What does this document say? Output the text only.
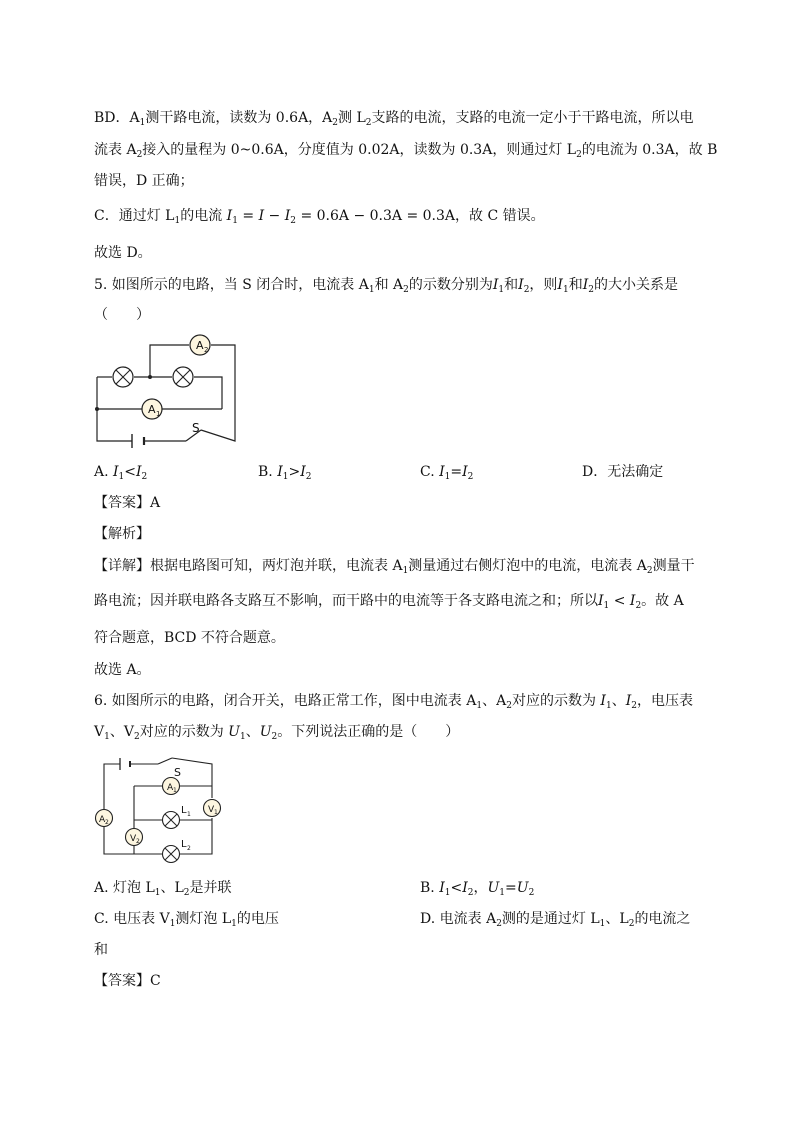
BD．$A_1$测干路电流，读数为 0.6A，$A_2$测 $L_2$支路的电流，支路的电流一定小于干路电流，所以电
流表 $A_2$接入的量程为 0~0.6A，分度值为 0.02A，读数为 0.3A，则通过灯 $L_2$的电流为 0.3A，故 B
错误，D 正确；
C．通过灯 $L_1$的电流 $I_1 = I - I_2 = 0.6A - 0.3A = 0.3A$，故 C 错误。
故选 D。
5. 如图所示的电路，当 S 闭合时，电流表 $A_1$和 $A_2$的示数分别为$I_1$和$I_2$，则$I_1$和$I_2$的大小关系是
（　　）
A 2
A 1
S
A. $I_1<I_2$	B. $I_1>I_2$	C. $I_1=I_2$	D．无法确定
【答案】A
【解析】
【详解】根据电路图可知，两灯泡并联，电流表 $A_1$测量通过右侧灯泡中的电流，电流表 $A_2$测量干
路电流；因并联电路各支路互不影响，而干路中的电流等于各支路电流之和；所以$I_1 < I_2$。故 A
符合题意，BCD 不符合题意。
故选 A。
6. 如图所示的电路，闭合开关，电路正常工作，图中电流表 $A_1$、$A_2$对应的示数为 $I_1$、$I_2$，电压表
$V_1$、$V_2$对应的示数为 $U_1$、$U_2$。下列说法正确的是（　　）
A 1
A 2
V 1
V 2
S
L 1
L 2
A. 灯泡 $L_1$、$L_2$是并联	B. $I_1<I_2$，$U_1=U_2$
C. 电压表 $V_1$测灯泡 $L_1$的电压	D. 电流表 $A_2$测的是通过灯 $L_1$、$L_2$的电流之
和
【答案】C
